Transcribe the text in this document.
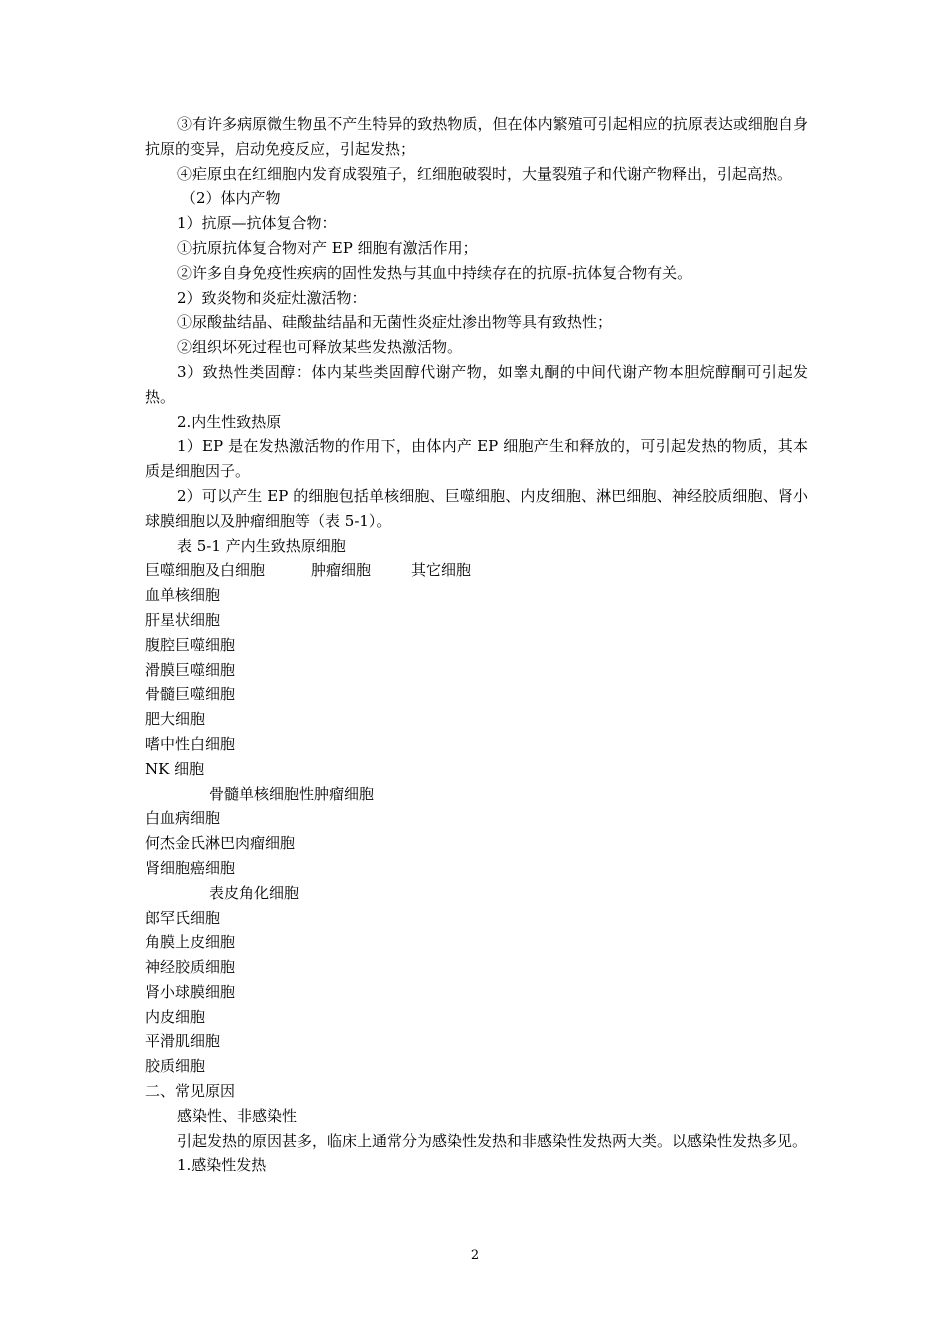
③有许多病原微生物虽不产生特异的致热物质，但在体内繁殖可引起相应的抗原表达或细胞自身抗原的变异，启动免疫反应，引起发热；

④疟原虫在红细胞内发育成裂殖子，红细胞破裂时，大量裂殖子和代谢产物释出，引起高热。

（2）体内产物

1）抗原—抗体复合物：

①抗原抗体复合物对产 EP 细胞有激活作用；

②许多自身免疫性疾病的固性发热与其血中持续存在的抗原-抗体复合物有关。

2）致炎物和炎症灶激活物：

①尿酸盐结晶、硅酸盐结晶和无菌性炎症灶渗出物等具有致热性；

②组织坏死过程也可释放某些发热激活物。

3）致热性类固醇：体内某些类固醇代谢产物，如睾丸酮的中间代谢产物本胆烷醇酮可引起发热。

2.内生性致热原

1）EP 是在发热激活物的作用下，由体内产 EP 细胞产生和释放的，可引起发热的物质，其本质是细胞因子。

2）可以产生 EP 的细胞包括单核细胞、巨噬细胞、内皮细胞、淋巴细胞、神经胶质细胞、肾小球膜细胞以及肿瘤细胞等（表 5-1）。

表 5-1 产内生致热原细胞

巨噬细胞及白细胞	肿瘤细胞	其它细胞

血单核细胞

肝星状细胞

腹腔巨噬细胞

滑膜巨噬细胞

骨髓巨噬细胞

肥大细胞

嗜中性白细胞

NK 细胞

骨髓单核细胞性肿瘤细胞

白血病细胞

何杰金氏淋巴肉瘤细胞

肾细胞癌细胞

表皮角化细胞

郎罕氏细胞

角膜上皮细胞

神经胶质细胞

肾小球膜细胞

内皮细胞

平滑肌细胞

胶质细胞

二、常见原因

感染性、非感染性

引起发热的原因甚多，临床上通常分为感染性发热和非感染性发热两大类。以感染性发热多见。

1.感染性发热

2
